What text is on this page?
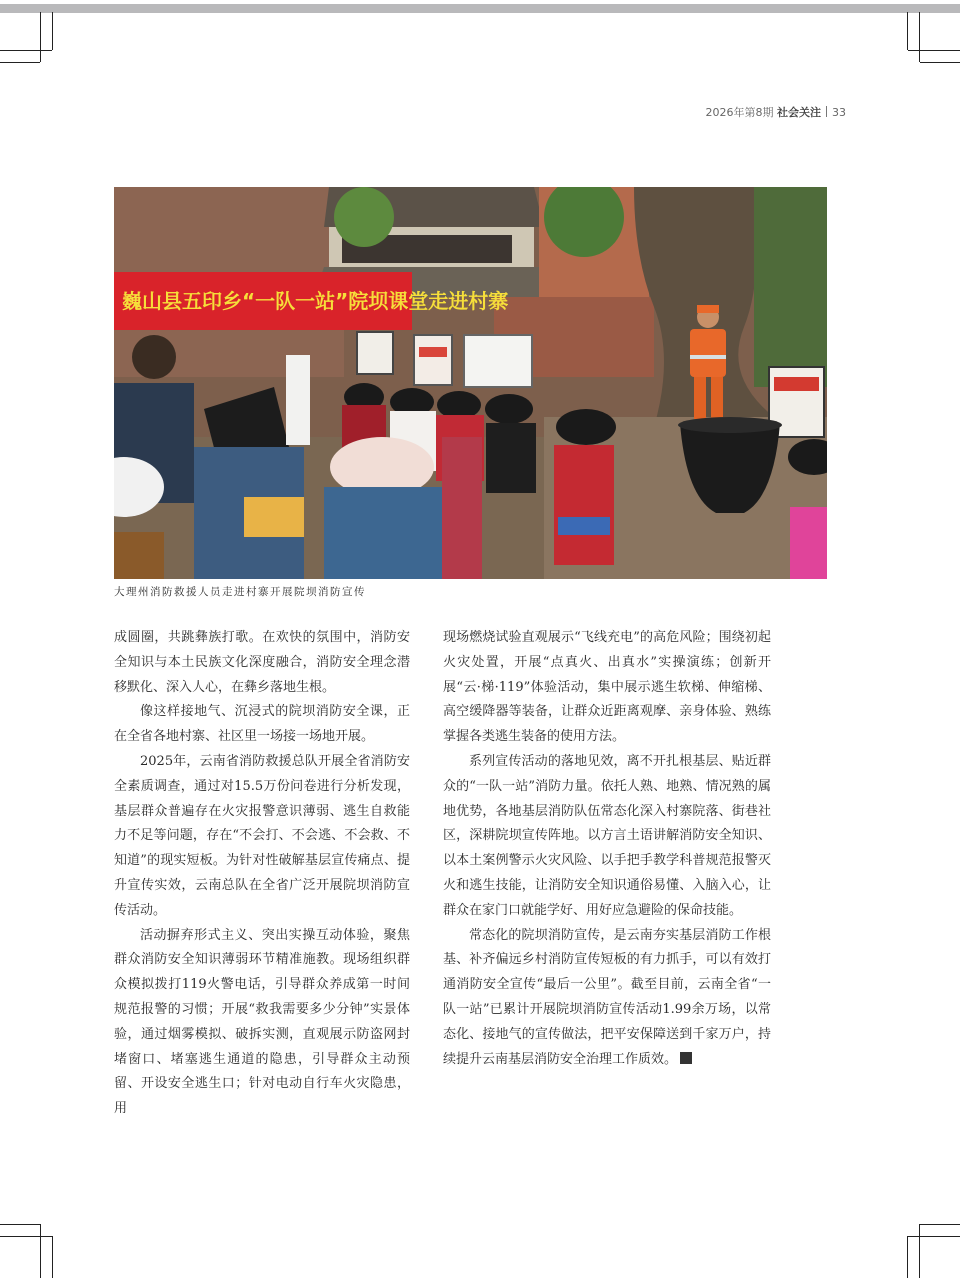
2026年第8期 社会关注 33
巍山县五印乡“一队一站”院坝课堂走进村寨
大理州消防救援人员走进村寨开展院坝消防宣传

成圆圈，共跳彝族打歌。在欢快的氛围中，消防安全知识与本土民族文化深度融合，消防安全理念潜移默化、深入人心，在彝乡落地生根。

像这样接地气、沉浸式的院坝消防安全课，正在全省各地村寨、社区里一场接一场地开展。

2025年，云南省消防救援总队开展全省消防安全素质调查，通过对15.5万份问卷进行分析发现，基层群众普遍存在火灾报警意识薄弱、逃生自救能力不足等问题，存在“不会打、不会逃、不会救、不知道”的现实短板。为针对性破解基层宣传痛点、提升宣传实效，云南总队在全省广泛开展院坝消防宣传活动。

活动摒弃形式主义、突出实操互动体验，聚焦群众消防安全知识薄弱环节精准施教。现场组织群众模拟拨打119火警电话，引导群众养成第一时间规范报警的习惯；开展“救我需要多少分钟”实景体验，通过烟雾模拟、破拆实测，直观展示防盗网封堵窗口、堵塞逃生通道的隐患，引导群众主动预留、开设安全逃生口；针对电动自行车火灾隐患，用

现场燃烧试验直观展示“飞线充电”的高危风险；围绕初起火灾处置，开展“点真火、出真水”实操演练；创新开展“云·梯·119”体验活动，集中展示逃生软梯、伸缩梯、高空缓降器等装备，让群众近距离观摩、亲身体验、熟练掌握各类逃生装备的使用方法。

系列宣传活动的落地见效，离不开扎根基层、贴近群众的“一队一站”消防力量。依托人熟、地熟、情况熟的属地优势，各地基层消防队伍常态化深入村寨院落、街巷社区，深耕院坝宣传阵地。以方言土语讲解消防安全知识、以本土案例警示火灾风险、以手把手教学科普规范报警灭火和逃生技能，让消防安全知识通俗易懂、入脑入心，让群众在家门口就能学好、用好应急避险的保命技能。

常态化的院坝消防宣传，是云南夯实基层消防工作根基、补齐偏远乡村消防宣传短板的有力抓手，可以有效打通消防安全宣传“最后一公里”。截至目前，云南全省“一队一站”已累计开展院坝消防宣传活动1.99余万场，以常态化、接地气的宣传做法，把平安保障送到千家万户，持续提升云南基层消防安全治理工作质效。
